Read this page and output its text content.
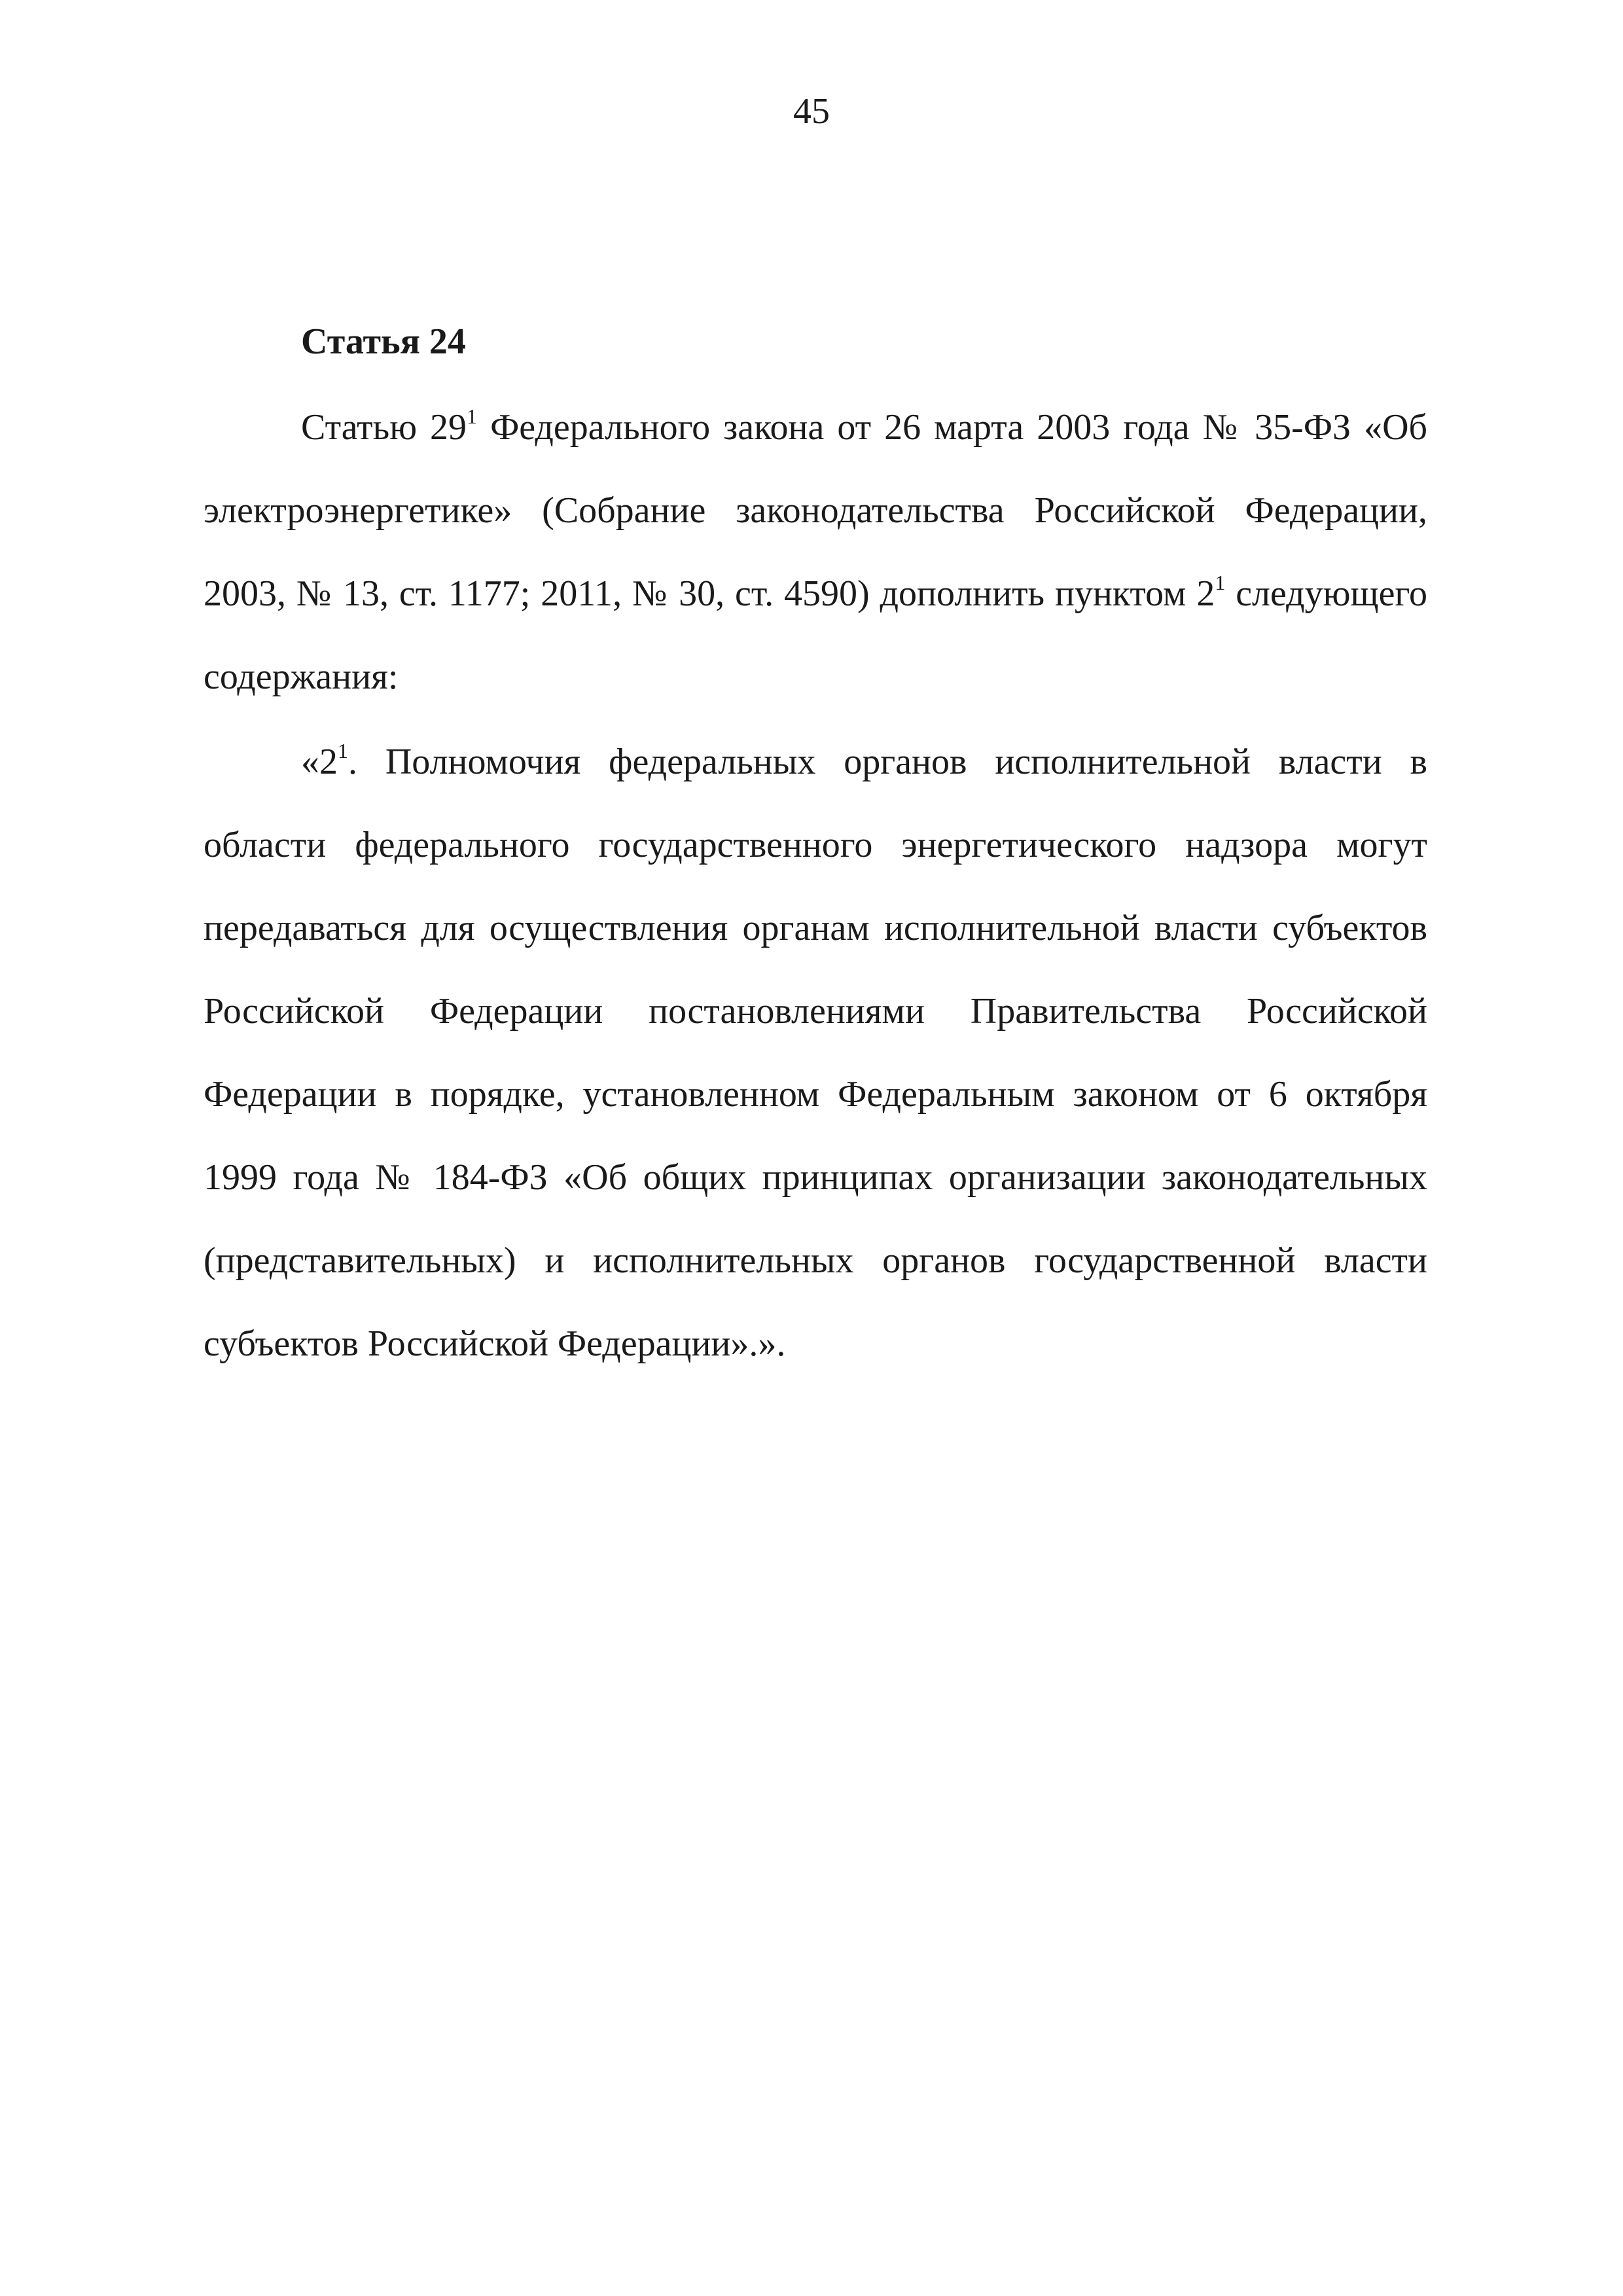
45
Статья 24

Статью $29^1$ Федерального закона от 26 марта 2003 года № 35-ФЗ «Об электроэнергетике» (Собрание законодательства Российской Федерации, 2003, № 13, ст. 1177; 2011, № 30, ст. 4590) дополнить пунктом $2^1$ следующего содержания:

«$2^1$. Полномочия федеральных органов исполнительной власти в области федерального государственного энергетического надзора могут передаваться для осуществления органам исполнительной власти субъектов Российской Федерации постановлениями Правительства Российской Федерации в порядке, установленном Федеральным законом от 6 октября 1999 года № 184-ФЗ «Об общих принципах организации законодательных (представительных) и исполнительных органов государственной власти субъектов Российской Федерации».».
